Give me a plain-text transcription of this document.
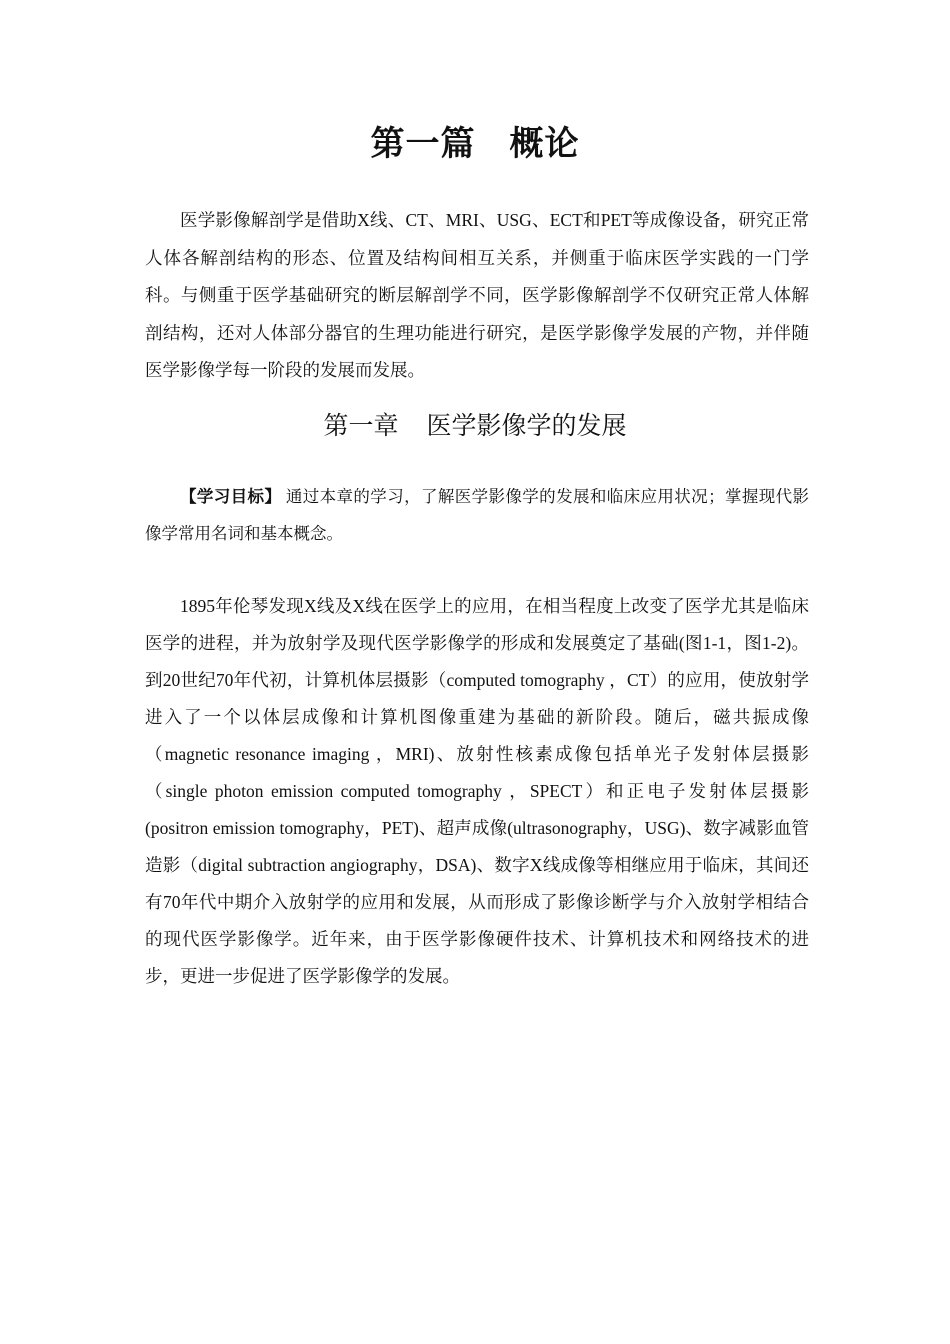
第一篇 概论

医学影像解剖学是借助X线、CT、MRI、USG、ECT和PET等成像设备，研究正常人体各解剖结构的形态、位置及结构间相互关系，并侧重于临床医学实践的一门学科。与侧重于医学基础研究的断层解剖学不同，医学影像解剖学不仅研究正常人体解剖结构，还对人体部分器官的生理功能进行研究，是医学影像学发展的产物，并伴随医学影像学每一阶段的发展而发展。

第一章 医学影像学的发展

【学习目标】 通过本章的学习，了解医学影像学的发展和临床应用状况；掌握现代影像学常用名词和基本概念。

1895年伦琴发现X线及X线在医学上的应用，在相当程度上改变了医学尤其是临床医学的进程，并为放射学及现代医学影像学的形成和发展奠定了基础(图1-1，图1-2)。到20世纪70年代初，计算机体层摄影（computed tomography ，CT）的应用，使放射学进入了一个以体层成像和计算机图像重建为基础的新阶段。随后，磁共振成像（magnetic resonance imaging ，MRI)、放射性核素成像包括单光子发射体层摄影（single photon emission computed tomography ，SPECT）和正电子发射体层摄影(positron emission tomography，PET)、超声成像(ultrasonography，USG)、数字减影血管造影（digital subtraction angiography，DSA)、数字X线成像等相继应用于临床，其间还有70年代中期介入放射学的应用和发展，从而形成了影像诊断学与介入放射学相结合的现代医学影像学。近年来，由于医学影像硬件技术、计算机技术和网络技术的进步，更进一步促进了医学影像学的发展。
